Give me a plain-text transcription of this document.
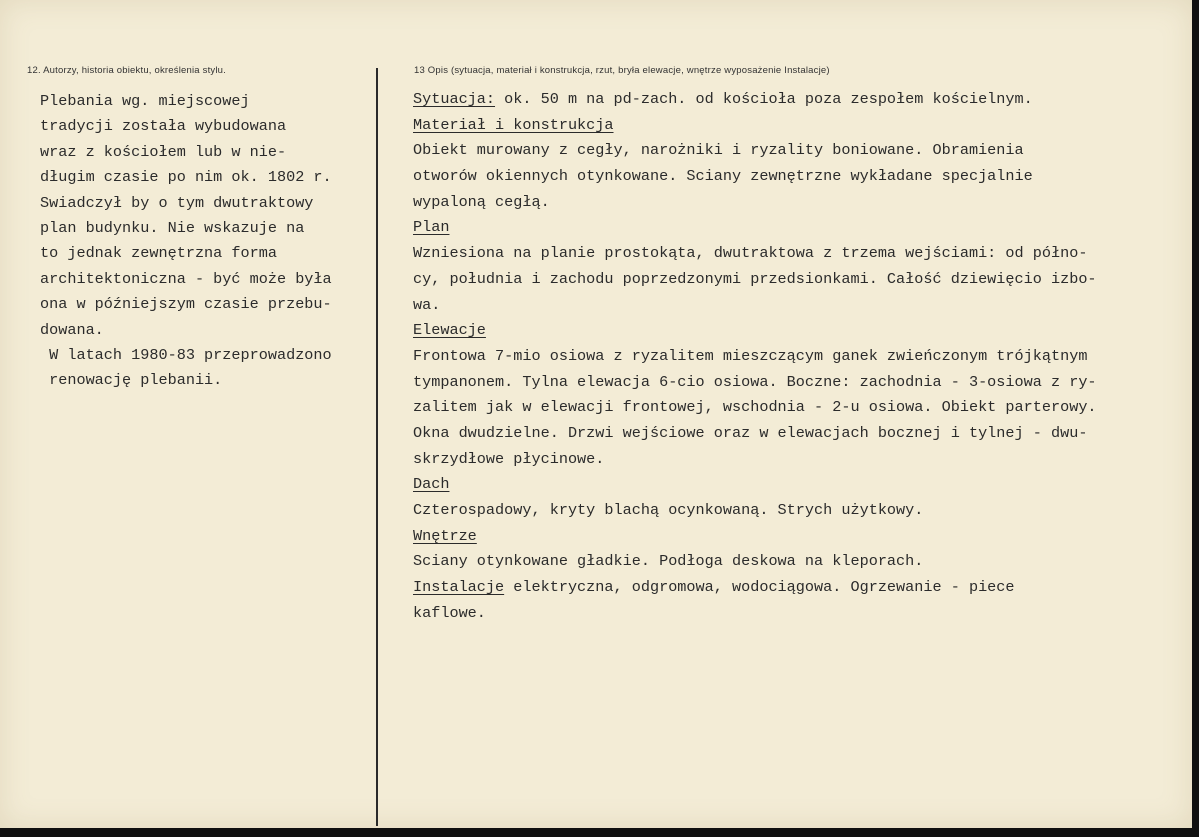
12. Autorzy, historia obiektu, określenia stylu.	13 Opis (sytuacja, materiał i konstrukcja, rzut, bryła elewacje, wnętrze wyposażenie Instalacje)
Plebania wg. miejscowej
tradycji została wybudowana
wraz z kościołem lub w nie-
długim czasie po nim ok. 1802 r.
Swiadczył by o tym dwutraktowy
plan budynku. Nie wskazuje na
to jednak zewnętrzna forma
architektoniczna - być może była
ona w późniejszym czasie przebu-
dowana.
W latach 1980-83 przeprowadzono
renowację plebanii.
Sytuacja: ok. 50 m na pd-zach. od kościoła poza zespołem kościelnym.
Materiał i konstrukcja
Obiekt murowany z cegły, narożniki i ryzality boniowane. Obramienia
otworów okiennych otynkowane. Sciany zewnętrzne wykładane specjalnie
wypaloną cegłą.
Plan
Wzniesiona na planie prostokąta, dwutraktowa z trzema wejściami: od półno-
cy, południa i zachodu poprzedzonymi przedsionkami. Całość dziewięcio izbo-
wa.
Elewacje
Frontowa 7-mio osiowa z ryzalitem mieszczącym ganek zwieńczonym trójkątnym
tympanonem. Tylna elewacja 6-cio osiowa. Boczne: zachodnia - 3-osiowa z ry-
zalitem jak w elewacji frontowej, wschodnia - 2-u osiowa. Obiekt parterowy.
Okna dwudzielne. Drzwi wejściowe oraz w elewacjach bocznej i tylnej - dwu-
skrzydłowe płycinowe.
Dach
Czterospadowy, kryty blachą ocynkowaną. Strych użytkowy.
Wnętrze
Sciany otynkowane gładkie. Podłoga deskowa na kleporach.
Instalacje elektryczna, odgromowa, wodociągowa. Ogrzewanie - piece
kaflowe.
